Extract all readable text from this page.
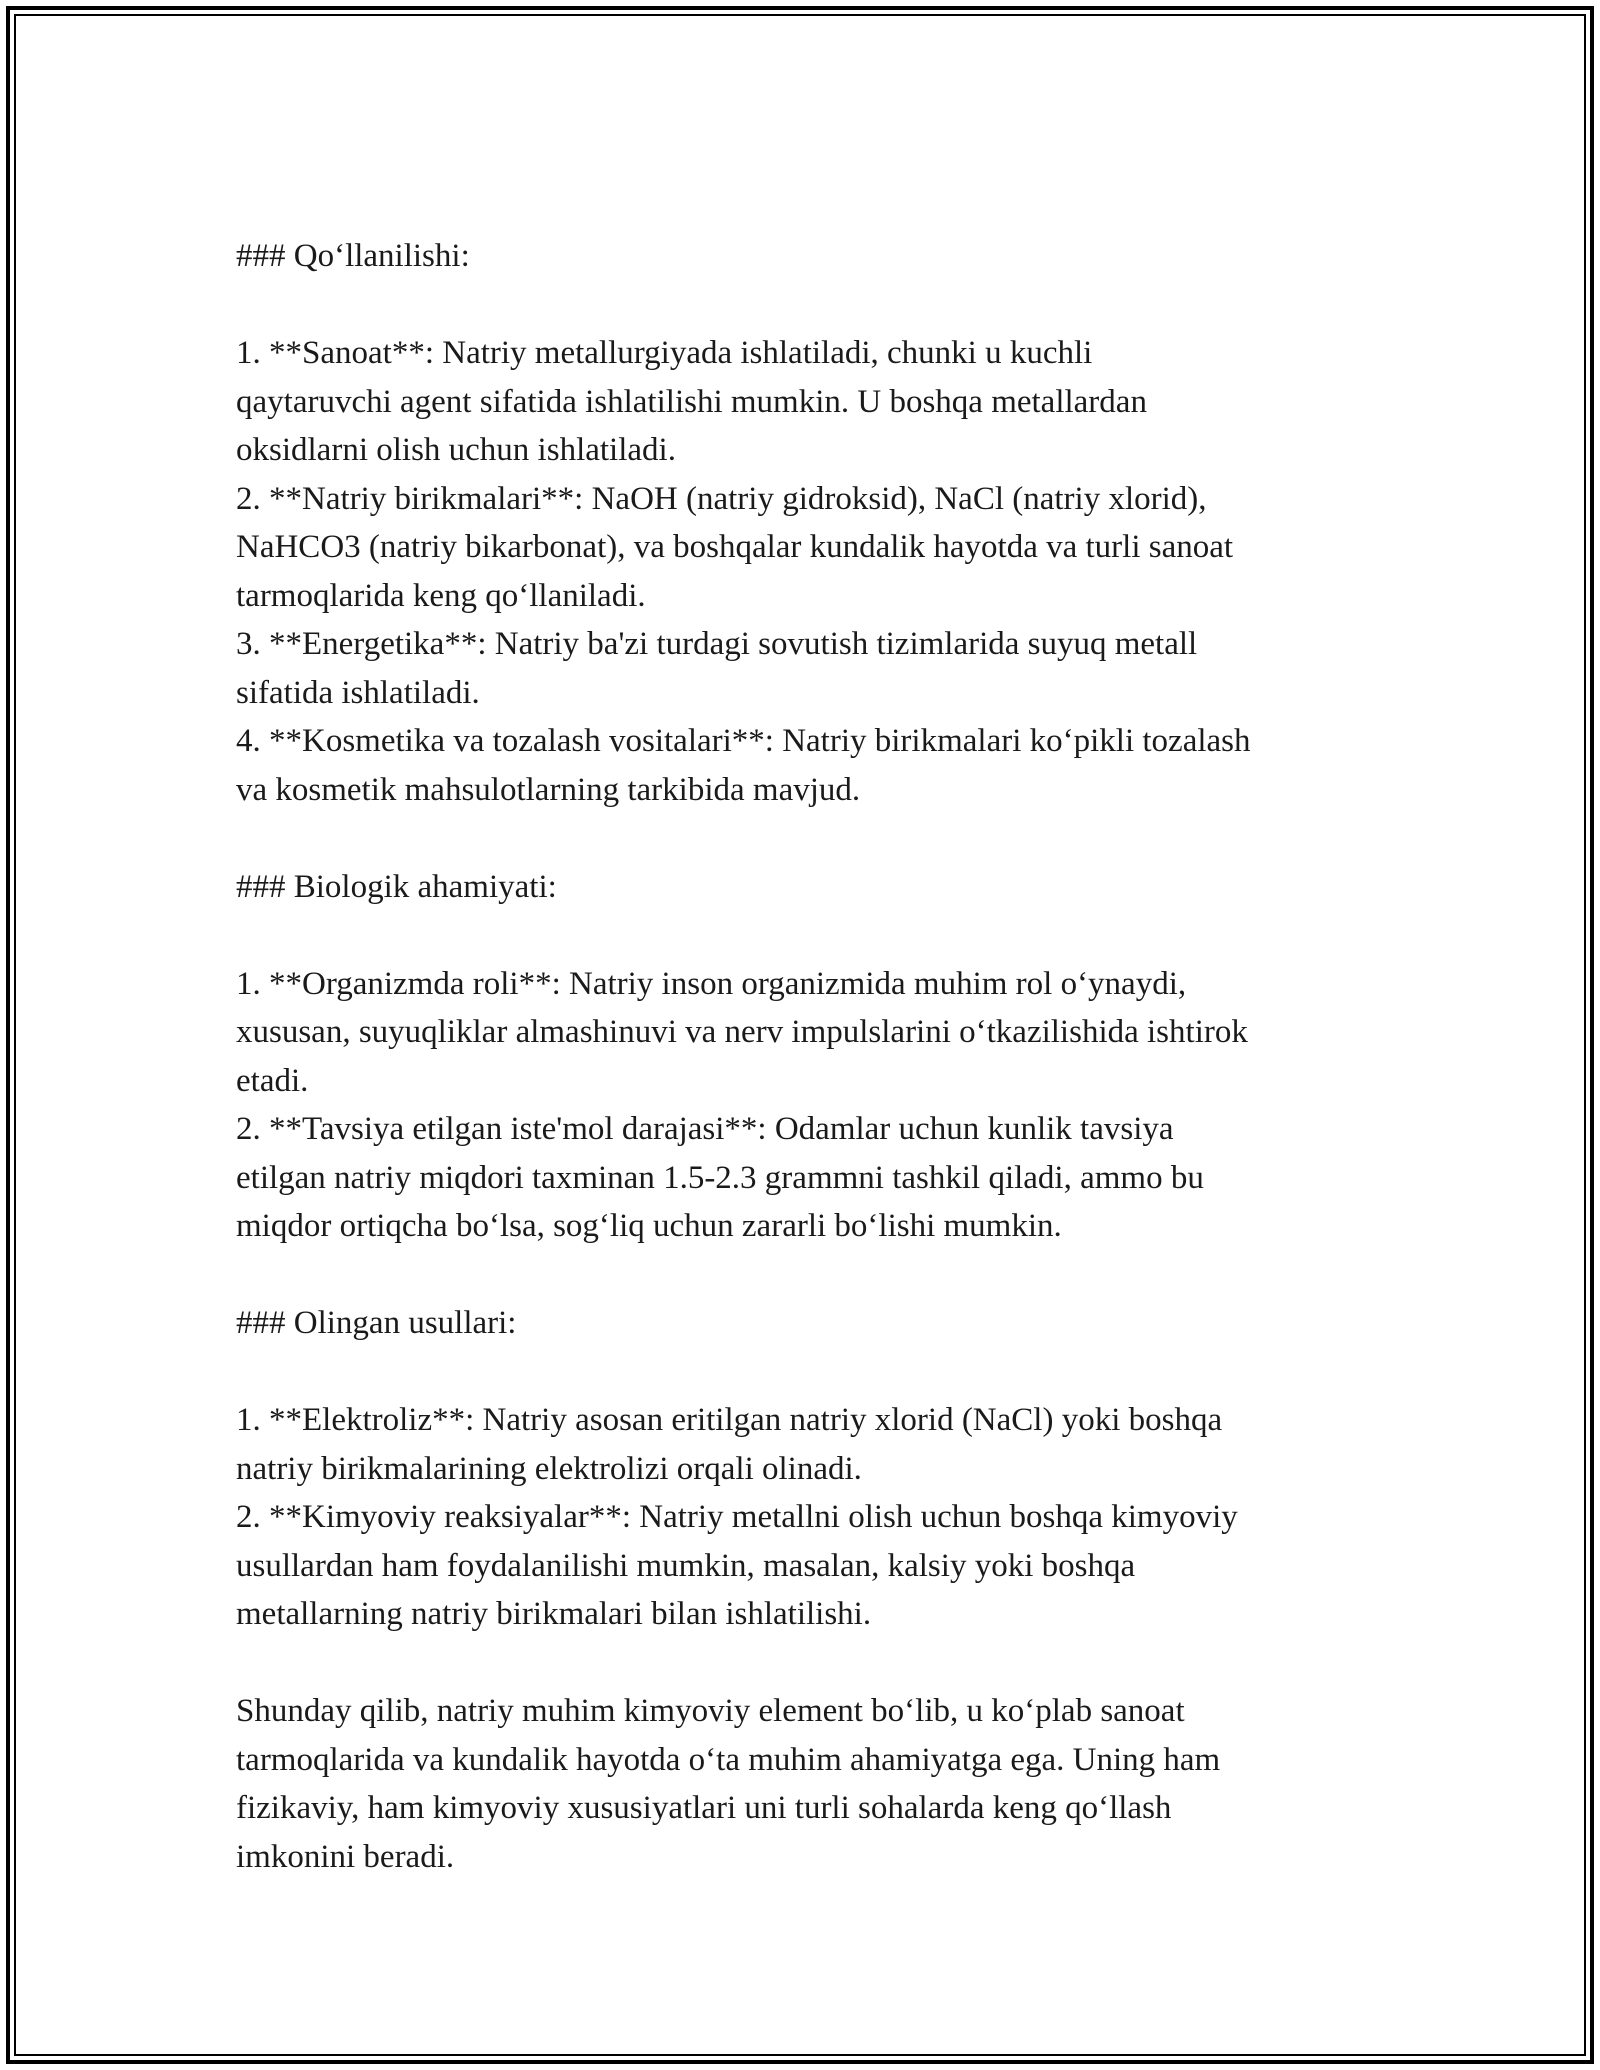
### Qo‘llanilishi:
1. **Sanoat**: Natriy metallurgiyada ishlatiladi, chunki u kuchli
qaytaruvchi agent sifatida ishlatilishi mumkin. U boshqa metallardan
oksidlarni olish uchun ishlatiladi.
2. **Natriy birikmalari**: NaOH (natriy gidroksid), NaCl (natriy xlorid),
NaHCO3 (natriy bikarbonat), va boshqalar kundalik hayotda va turli sanoat
tarmoqlarida keng qo‘llaniladi.
3. **Energetika**: Natriy ba'zi turdagi sovutish tizimlarida suyuq metall
sifatida ishlatiladi.
4. **Kosmetika va tozalash vositalari**: Natriy birikmalari ko‘pikli tozalash
va kosmetik mahsulotlarning tarkibida mavjud.
### Biologik ahamiyati:
1. **Organizmda roli**: Natriy inson organizmida muhim rol o‘ynaydi,
xususan, suyuqliklar almashinuvi va nerv impulslarini o‘tkazilishida ishtirok
etadi.
2. **Tavsiya etilgan iste'mol darajasi**: Odamlar uchun kunlik tavsiya
etilgan natriy miqdori taxminan 1.5-2.3 grammni tashkil qiladi, ammo bu
miqdor ortiqcha bo‘lsa, sog‘liq uchun zararli bo‘lishi mumkin.
### Olingan usullari:
1. **Elektroliz**: Natriy asosan eritilgan natriy xlorid (NaCl) yoki boshqa
natriy birikmalarining elektrolizi orqali olinadi.
2. **Kimyoviy reaksiyalar**: Natriy metallni olish uchun boshqa kimyoviy
usullardan ham foydalanilishi mumkin, masalan, kalsiy yoki boshqa
metallarning natriy birikmalari bilan ishlatilishi.
Shunday qilib, natriy muhim kimyoviy element bo‘lib, u ko‘plab sanoat
tarmoqlarida va kundalik hayotda o‘ta muhim ahamiyatga ega. Uning ham
fizikaviy, ham kimyoviy xususiyatlari uni turli sohalarda keng qo‘llash
imkonini beradi.
